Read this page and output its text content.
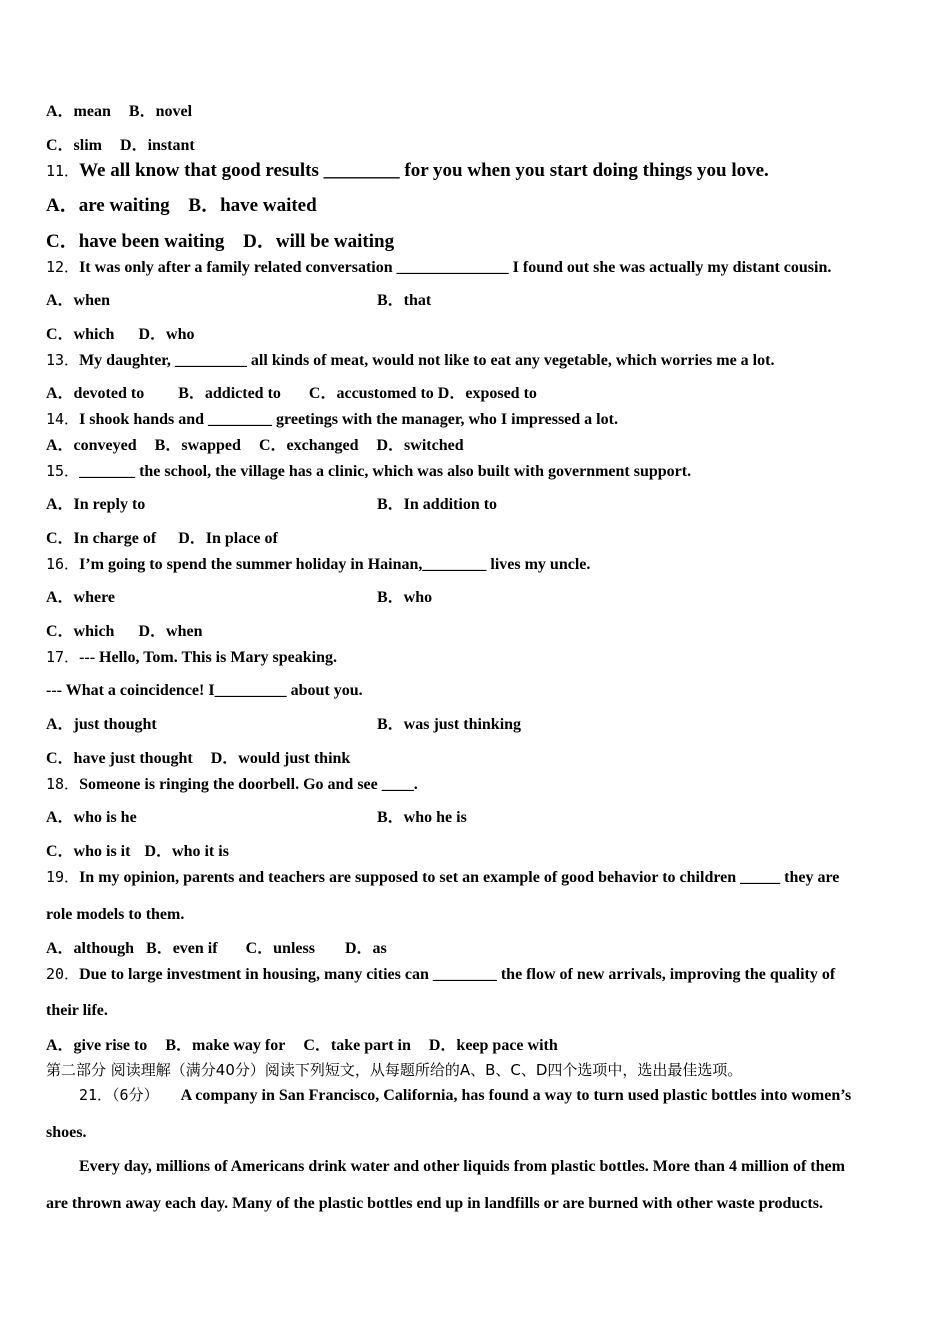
A．mean B．novel
C．slim D．instant
11．We all know that good results ________ for you when you start doing things you love.
A．are waiting B．have waited
C．have been waiting D．will be waiting
12．It was only after a family related conversation ______________ I found out she was actually my distant cousin.
A．when	B．that
C．which D．who
13．My daughter, _________ all kinds of meat, would not like to eat any vegetable, which worries me a lot.
A．devoted to B．addicted to C．accustomed to D．exposed to
14．I shook hands and ________ greetings with the manager, who I impressed a lot.
A．conveyed B．swapped C．exchanged D．switched
15．_______ the school, the village has a clinic, which was also built with government support.
A．In reply to	B．In addition to
C．In charge of D．In place of
16．I’m going to spend the summer holiday in Hainan,________ lives my uncle.
A．where	B．who
C．which D．when
17．--- Hello, Tom. This is Mary speaking.
--- What a coincidence! I_________ about you.
A．just thought	B．was just thinking
C．have just thought D．would just think
18．Someone is ringing the doorbell. Go and see ____.
A．who is he	B．who he is
C．who is it D．who it is
19．In my opinion, parents and teachers are supposed to set an example of good behavior to children _____ they are
role models to them.
A．although B．even if C．unless D．as
20．Due to large investment in housing, many cities can ________ the flow of new arrivals, improving the quality of
their life.
A．give rise to B．make way for C．take part in D．keep pace with
第二部分 阅读理解（满分40分）阅读下列短文，从每题所给的A、B、C、D四个选项中，选出最佳选项。
21．（6分） A company in San Francisco, California, has found a way to turn used plastic bottles into women’s
shoes.
Every day, millions of Americans drink water and other liquids from plastic bottles. More than 4 million of them
are thrown away each day. Many of the plastic bottles end up in landfills or are burned with other waste products.
